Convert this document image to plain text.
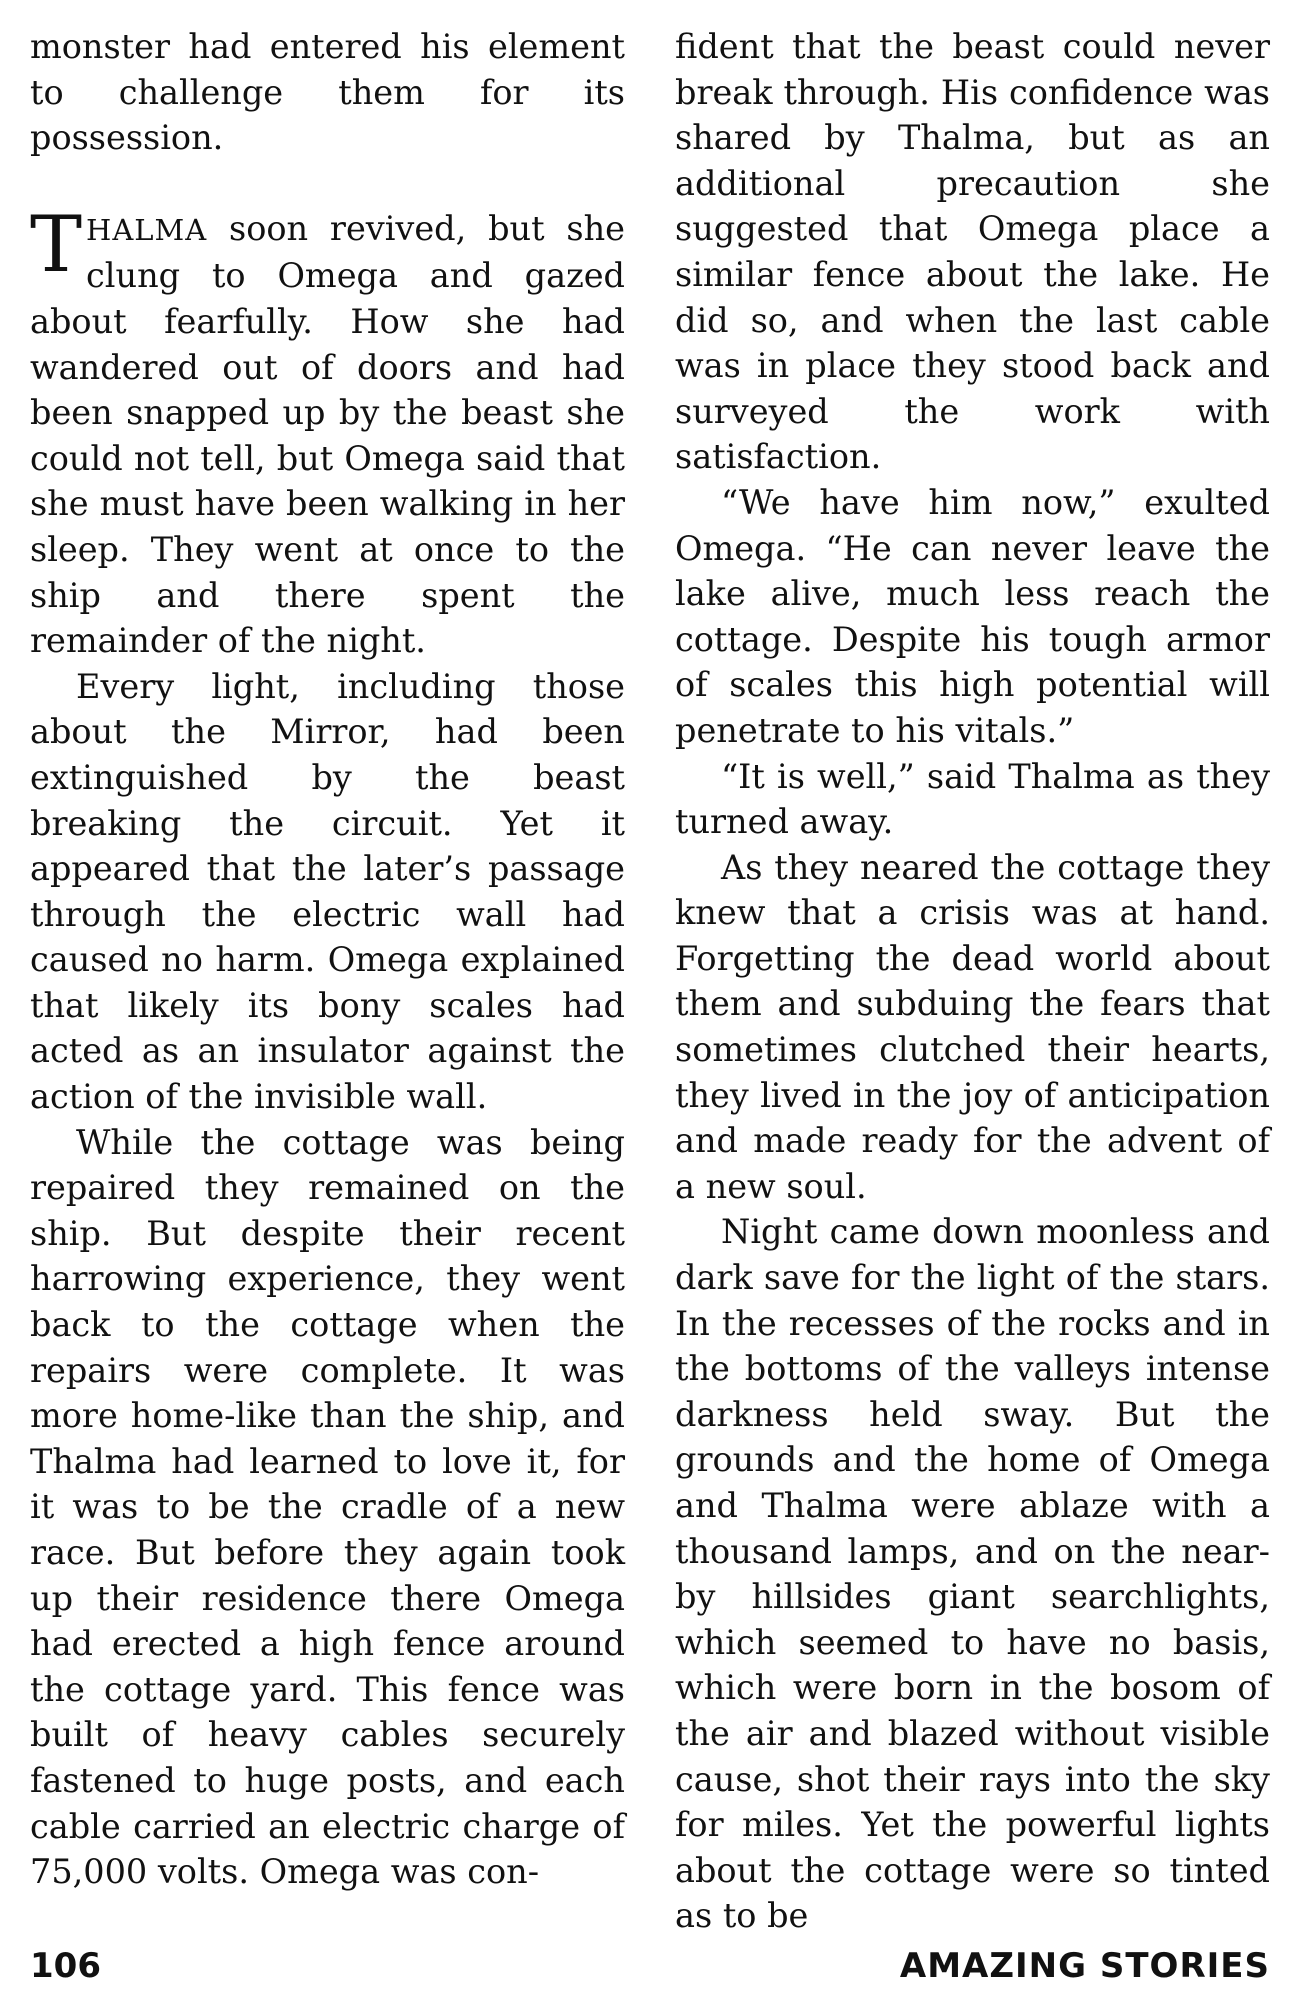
monster had entered his element to challenge them for its possession.

THALMA soon revived, but she clung to Omega and gazed about fearfully. How she had wandered out of doors and had been snapped up by the beast she could not tell, but Omega said that she must have been walking in her sleep. They went at once to the ship and there spent the remainder of the night.

Every light, including those about the Mirror, had been extinguished by the beast breaking the circuit. Yet it appeared that the later’s passage through the electric wall had caused no harm. Omega explained that likely its bony scales had acted as an insulator against the action of the invisible wall.

While the cottage was being repaired they remained on the ship. But despite their recent harrowing experience, they went back to the cottage when the repairs were complete. It was more home-like than the ship, and Thalma had learned to love it, for it was to be the cradle of a new race. But before they again took up their residence there Omega had erected a high fence around the cottage yard. This fence was built of heavy cables securely fastened to huge posts, and each cable carried an electric charge of 75,000 volts. Omega was con-

fident that the beast could never break through. His confidence was shared by Thalma, but as an additional precaution she suggested that Omega place a similar fence about the lake. He did so, and when the last cable was in place they stood back and surveyed the work with satisfaction.

“We have him now,” exulted Omega. “He can never leave the lake alive, much less reach the cottage. Despite his tough armor of scales this high potential will penetrate to his vitals.”

“It is well,” said Thalma as they turned away.

As they neared the cottage they knew that a crisis was at hand. Forgetting the dead world about them and subduing the fears that sometimes clutched their hearts, they lived in the joy of anticipation and made ready for the advent of a new soul.

Night came down moonless and dark save for the light of the stars. In the recesses of the rocks and in the bottoms of the valleys intense darkness held sway. But the grounds and the home of Omega and Thalma were ablaze with a thousand lamps, and on the near-by hillsides giant searchlights, which seemed to have no basis, which were born in the bosom of the air and blazed without visible cause, shot their rays into the sky for miles. Yet the powerful lights about the cottage were so tinted as to be

106	AMAZING STORIES
